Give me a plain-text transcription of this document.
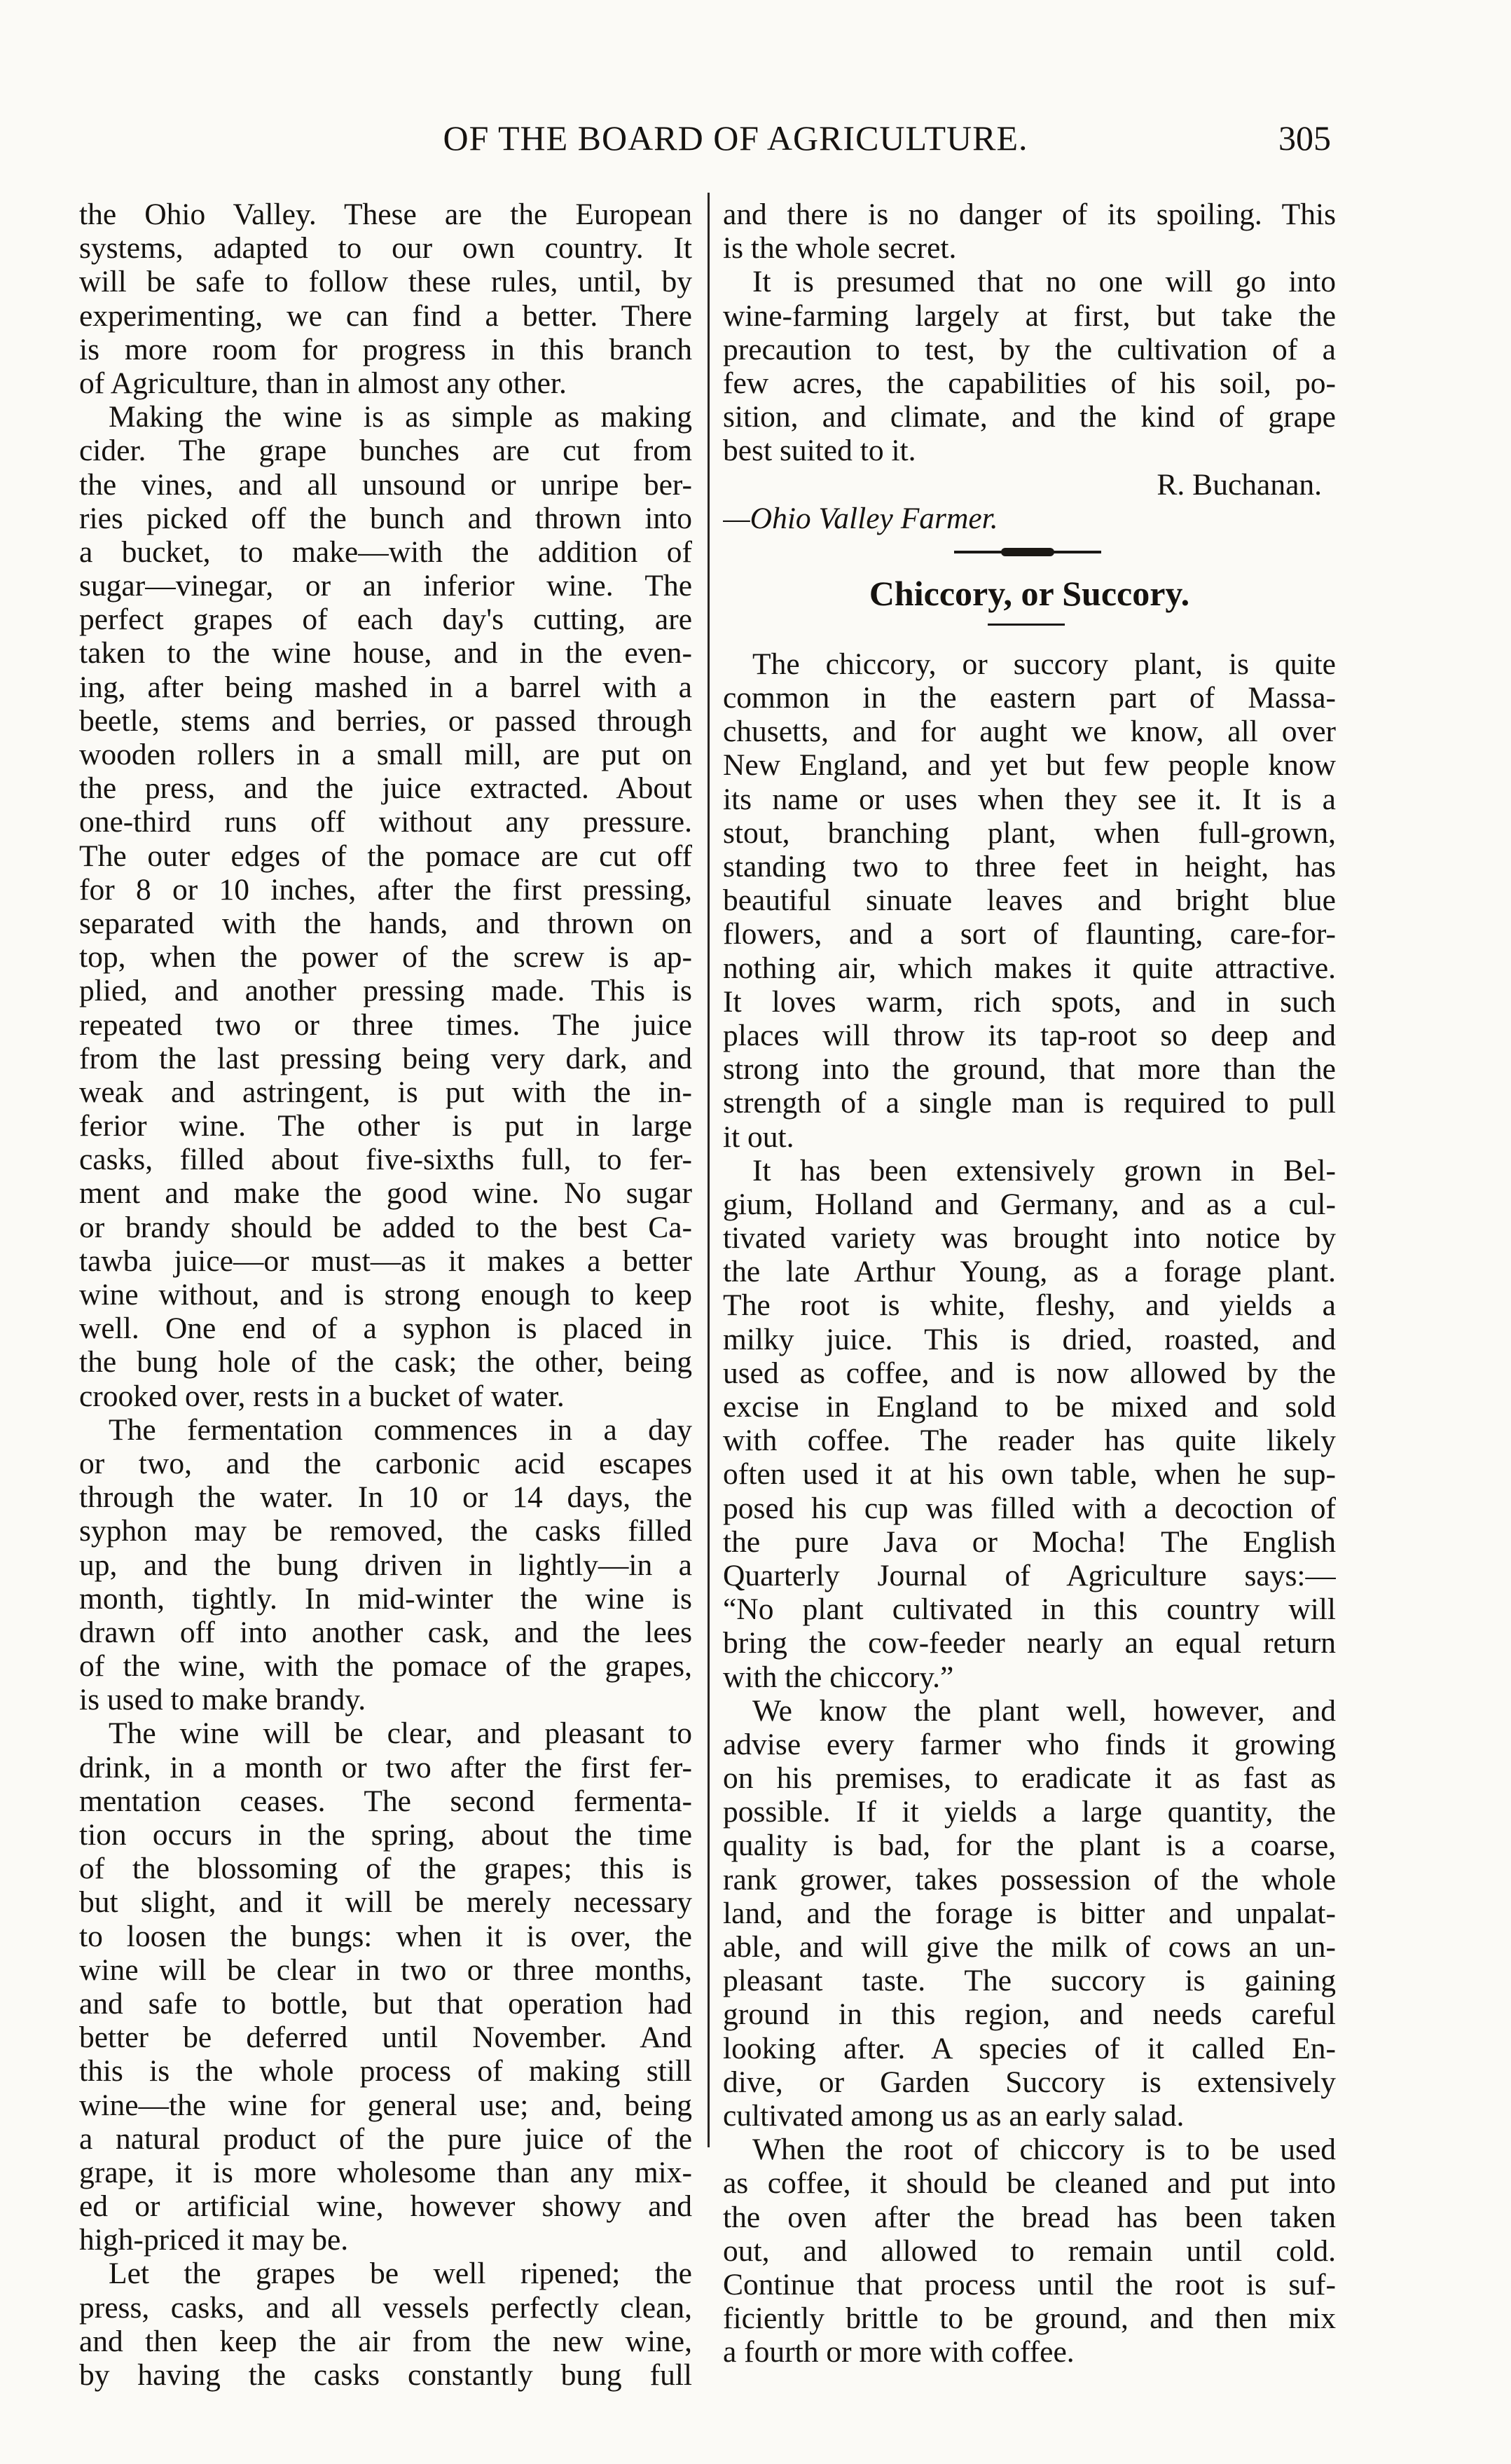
OF THE BOARD OF AGRICULTURE.	305
the Ohio Valley. These are the European
systems, adapted to our own country. It
will be safe to follow these rules, until, by
experimenting, we can find a better. There
is more room for progress in this branch
of Agriculture, than in almost any other.
Making the wine is as simple as making
cider. The grape bunches are cut from
the vines, and all unsound or unripe ber-
ries picked off the bunch and thrown into
a bucket, to make—with the addition of
sugar—vinegar, or an inferior wine. The
perfect grapes of each day's cutting, are
taken to the wine house, and in the even-
ing, after being mashed in a barrel with a
beetle, stems and berries, or passed through
wooden rollers in a small mill, are put on
the press, and the juice extracted. About
one-third runs off without any pressure.
The outer edges of the pomace are cut off
for 8 or 10 inches, after the first pressing,
separated with the hands, and thrown on
top, when the power of the screw is ap-
plied, and another pressing made. This is
repeated two or three times. The juice
from the last pressing being very dark, and
weak and astringent, is put with the in-
ferior wine. The other is put in large
casks, filled about five-sixths full, to fer-
ment and make the good wine. No sugar
or brandy should be added to the best Ca-
tawba juice—or must—as it makes a better
wine without, and is strong enough to keep
well. One end of a syphon is placed in
the bung hole of the cask; the other, being
crooked over, rests in a bucket of water.
The fermentation commences in a day
or two, and the carbonic acid escapes
through the water. In 10 or 14 days, the
syphon may be removed, the casks filled
up, and the bung driven in lightly—in a
month, tightly. In mid-winter the wine is
drawn off into another cask, and the lees
of the wine, with the pomace of the grapes,
is used to make brandy.
The wine will be clear, and pleasant to
drink, in a month or two after the first fer-
mentation ceases. The second fermenta-
tion occurs in the spring, about the time
of the blossoming of the grapes; this is
but slight, and it will be merely necessary
to loosen the bungs: when it is over, the
wine will be clear in two or three months,
and safe to bottle, but that operation had
better be deferred until November. And
this is the whole process of making still
wine—the wine for general use; and, being
a natural product of the pure juice of the
grape, it is more wholesome than any mix-
ed or artificial wine, however showy and
high-priced it may be.
Let the grapes be well ripened; the
press, casks, and all vessels perfectly clean,
and then keep the air from the new wine,
by having the casks constantly bung full
and there is no danger of its spoiling. This
is the whole secret.
It is presumed that no one will go into
wine-farming largely at first, but take the
precaution to test, by the cultivation of a
few acres, the capabilities of his soil, po-
sition, and climate, and the kind of grape
best suited to it.
R. Buchanan.
—Ohio Valley Farmer.
Chiccory, or Succory.
The chiccory, or succory plant, is quite
common in the eastern part of Massa-
chusetts, and for aught we know, all over
New England, and yet but few people know
its name or uses when they see it. It is a
stout, branching plant, when full-grown,
standing two to three feet in height, has
beautiful sinuate leaves and bright blue
flowers, and a sort of flaunting, care-for-
nothing air, which makes it quite attractive.
It loves warm, rich spots, and in such
places will throw its tap-root so deep and
strong into the ground, that more than the
strength of a single man is required to pull
it out.
It has been extensively grown in Bel-
gium, Holland and Germany, and as a cul-
tivated variety was brought into notice by
the late Arthur Young, as a forage plant.
The root is white, fleshy, and yields a
milky juice. This is dried, roasted, and
used as coffee, and is now allowed by the
excise in England to be mixed and sold
with coffee. The reader has quite likely
often used it at his own table, when he sup-
posed his cup was filled with a decoction of
the pure Java or Mocha! The English
Quarterly Journal of Agriculture says:—
“No plant cultivated in this country will
bring the cow-feeder nearly an equal return
with the chiccory.”
We know the plant well, however, and
advise every farmer who finds it growing
on his premises, to eradicate it as fast as
possible. If it yields a large quantity, the
quality is bad, for the plant is a coarse,
rank grower, takes possession of the whole
land, and the forage is bitter and unpalat-
able, and will give the milk of cows an un-
pleasant taste. The succory is gaining
ground in this region, and needs careful
looking after. A species of it called En-
dive, or Garden Succory is extensively
cultivated among us as an early salad.
When the root of chiccory is to be used
as coffee, it should be cleaned and put into
the oven after the bread has been taken
out, and allowed to remain until cold.
Continue that process until the root is suf-
ficiently brittle to be ground, and then mix
a fourth or more with coffee.
